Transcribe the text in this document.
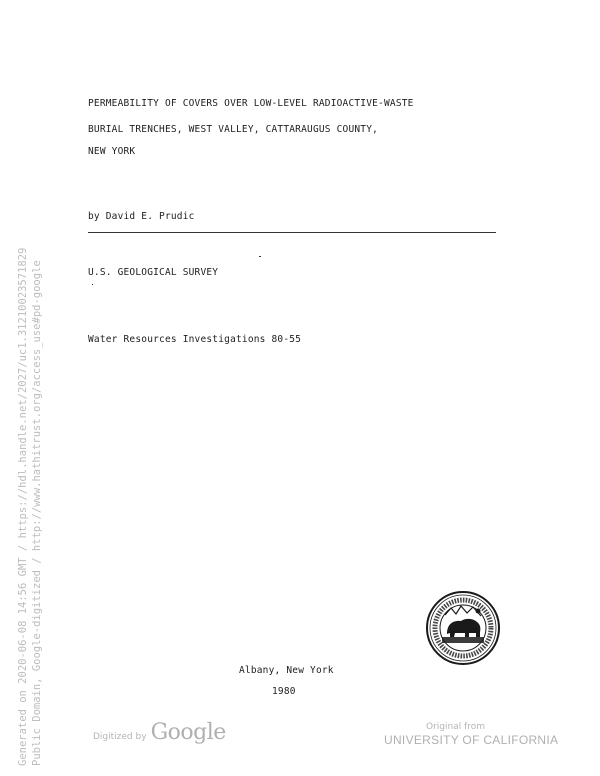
PERMEABILITY OF COVERS OVER LOW-LEVEL RADIOACTIVE-WASTE
BURIAL TRENCHES, WEST VALLEY, CATTARAUGUS COUNTY,
NEW YORK
by David E. Prudic
U.S. GEOLOGICAL SURVEY
Water Resources Investigations 80-55
Albany, New York
1980
Generated on 2020-06-08 14:56 GMT / https://hdl.handle.net/2027/uc1.31210023571829 Public Domain, Google-digitized / http://www.hathitrust.org/access_use#pd-google	Digitized by Google	Original from
UNIVERSITY OF CALIFORNIA
